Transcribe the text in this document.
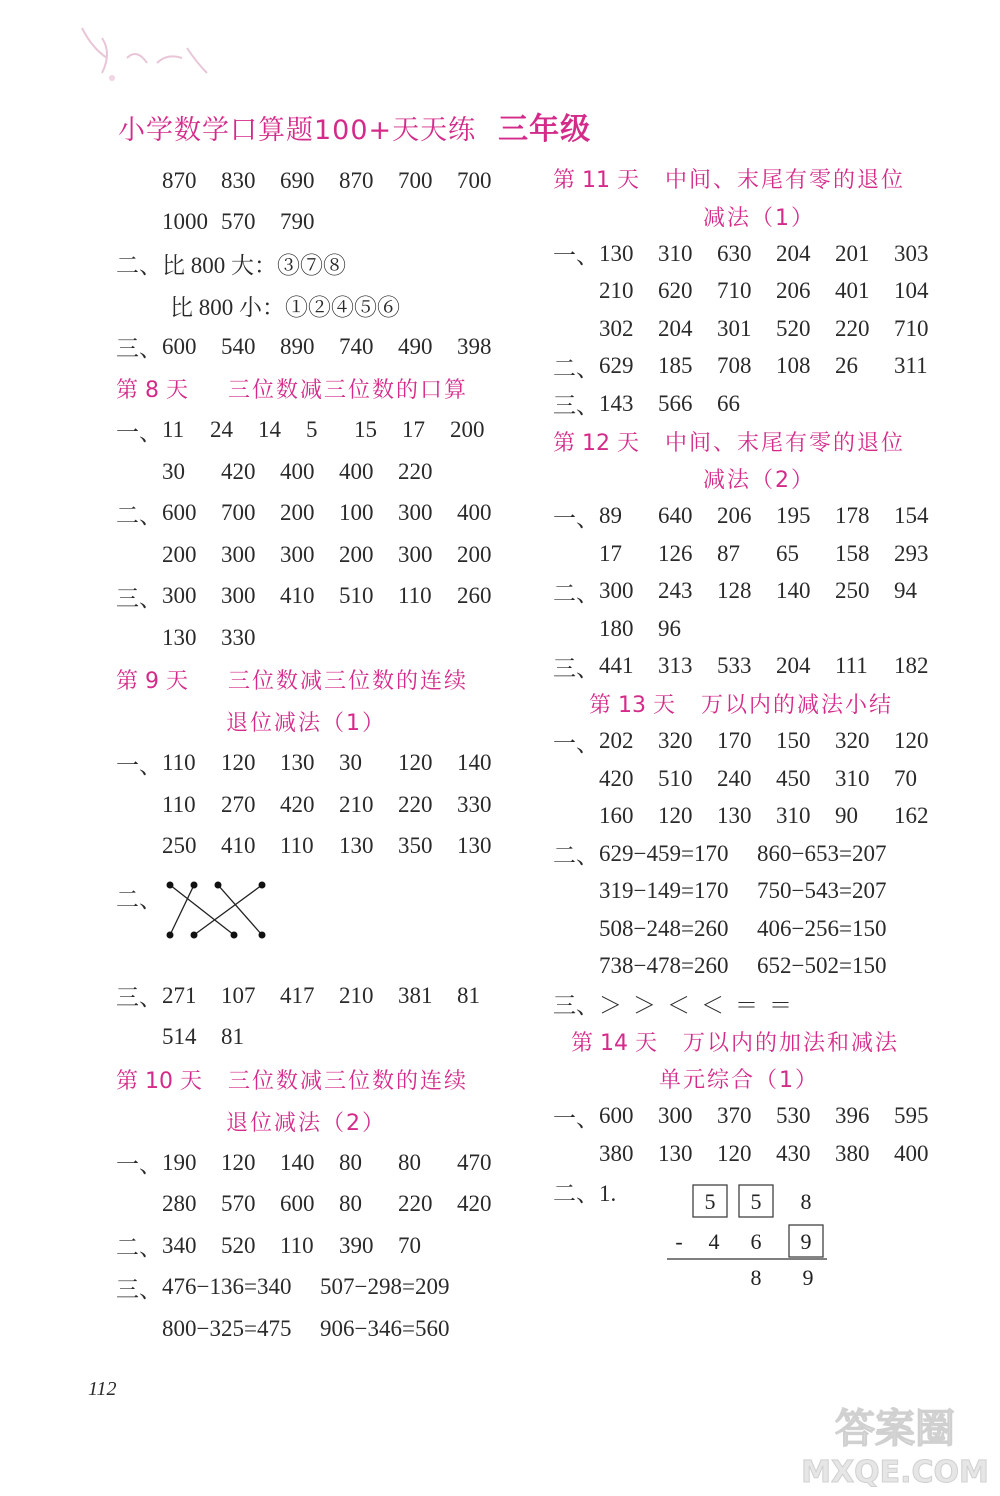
小学数学口算题100+天天练 三年级
870	830	690	870	700	700
1000 570	790
二、 比 800 大：③⑦⑧
比 800 小：①②④⑤⑥
三、 600	540	890	740	490	398
第 8 天	三位数减三位数的口算
一、 11	24	14	5	15	17	200
30	420	400	400	220
二、 600	700	200	100	300	400
200	300	300	200	300	200
三、 300	300	410	510	110	260
130	330
第 9 天	三位数减三位数的连续
退位减法（1）
一、 110	120	130	30	120	140
110	270	420	210	220	330
250	410	110	130	350	130
二、
三、 271	107	417	210	381	81
514	81
第 10 天	三位数减三位数的连续
退位减法（2）
一、 190	120	140	80	80	470
280	570	600	80	220	420
二、 340	520	110	390	70
三、 476−136=340	507−298=209
800−325=475	906−346=560
第 11 天	中间、末尾有零的退位
减法（1）
一、 130	310	630	204	201	303
210	620	710	206	401	104
302	204	301	520	220	710
二、 629	185	708	108	26	311
三、 143	566	66
第 12 天	中间、末尾有零的退位
减法（2）
一、 89	640	206	195	178	154
17	126	87	65	158	293
二、 300	243	128	140	250	94
180	96
三、 441	313	533	204	111	182
第 13 天	万以内的减法小结
一、 202	320	170	150	320	120
420	510	240	450	310	70
160	120	130	310	90	162
二、 629−459=170	860−653=207
319−149=170	750−543=207
508−248=260	406−256=150
738−478=260	652−502=150
三、 ＞ ＞ ＜ ＜ ＝ ＝
第 14 天	万以内的加法和减法
单元综合（1）
一、 600	300	370	530	396	595
380	130	120	430	380	400
二、1.	5 5 8
- 4 6 9
8 9
112
答案圈
MXQE.COM
